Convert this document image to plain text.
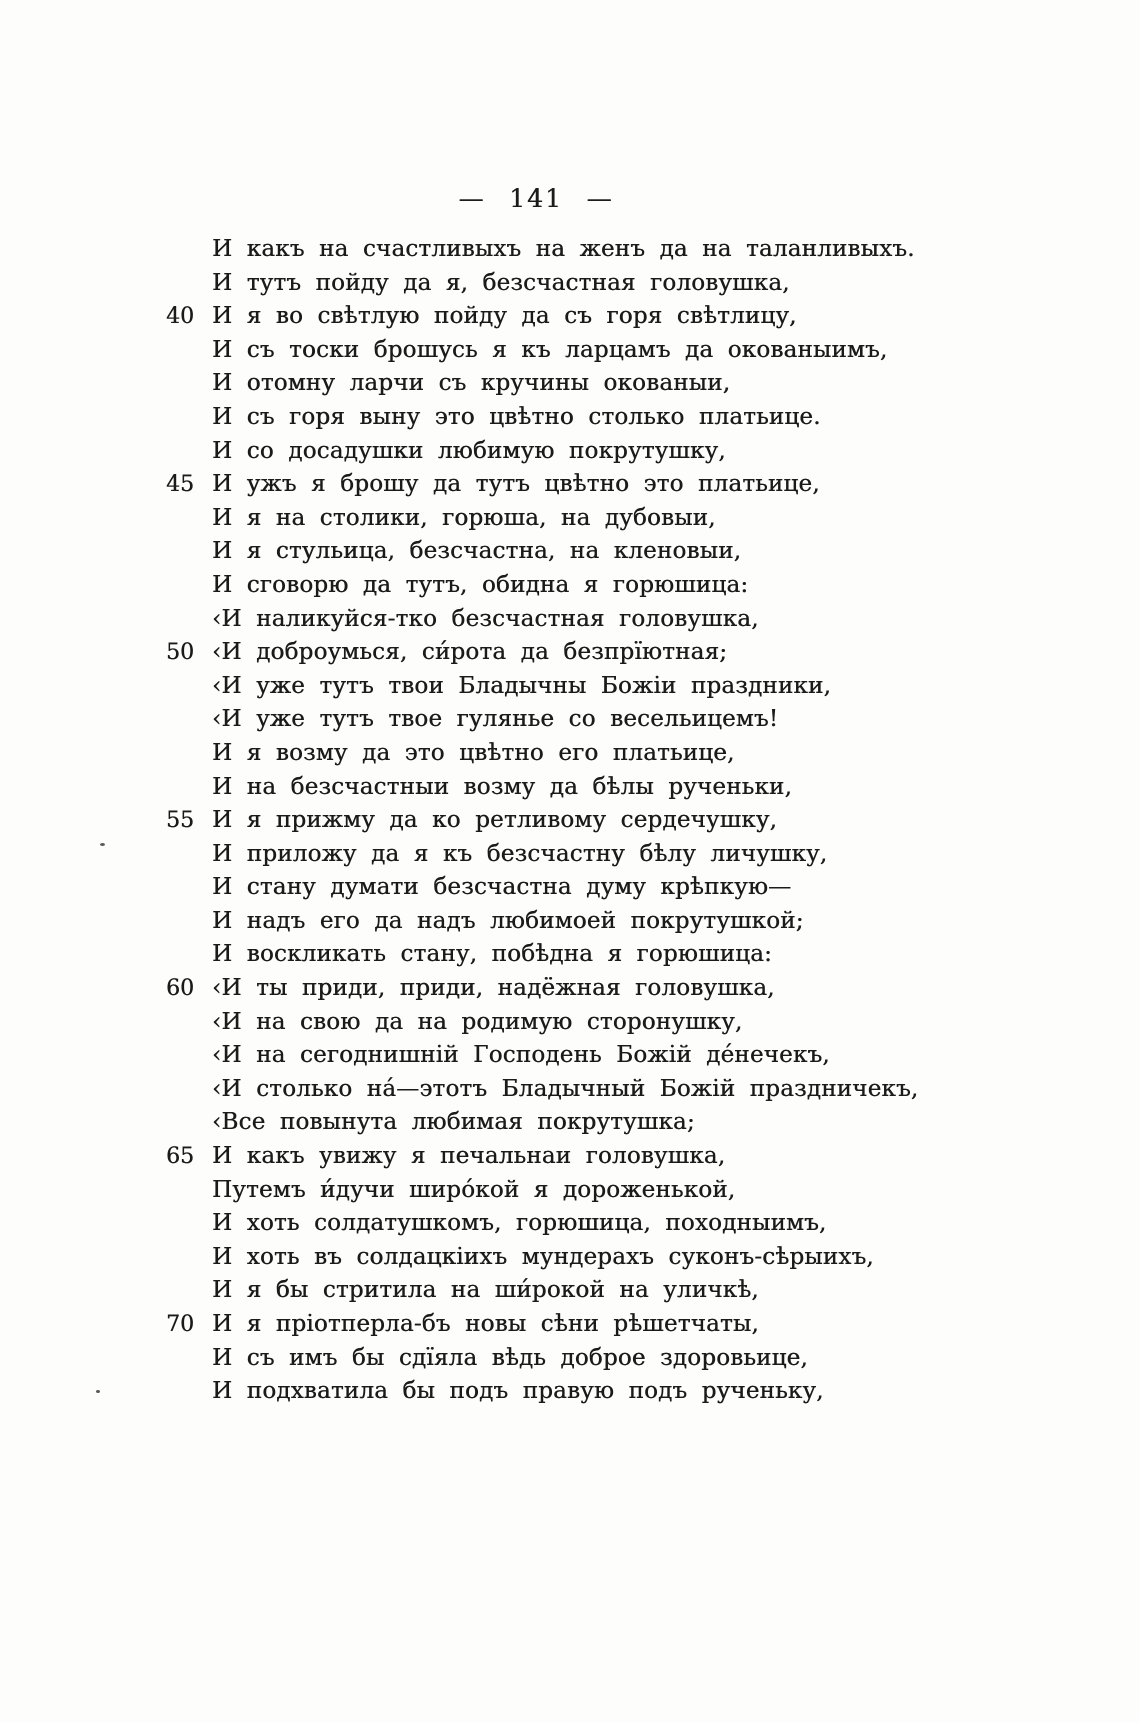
— 141 —
И какъ на счастливыхъ на женъ да на таланливыхъ.
И тутъ пойду да я, безсчастная головушка,
40 И я во свѣтлую пойду да съ горя свѣтлицу,
И съ тоски брошусь я къ ларцамъ да окованыимъ,
И отомну ларчи съ кручины окованыи,
И съ горя выну это цвѣтно столько платьице.
И со досадушки любимую покрутушку,
45 И ужъ я брошу да тутъ цвѣтно это платьице,
И я на столики, горюша, на дубовыи,
И я стульица, безсчастна, на кленовыи,
И сговорю да тутъ, обидна я горюшица:
‹И наликуйся-тко безсчастная головушка,
50 ‹И доброумься, си́рота да безпрїютная;
‹И уже тутъ твои Бладычны Божіи праздники,
‹И уже тутъ твое гулянье со весельицемъ!
И я возму да это цвѣтно его платьице,
И на безсчастныи возму да бѣлы рученьки,
55 И я прижму да ко ретливому сердечушку,
И приложу да я къ безсчастну бѣлу личушку,
И стану думати безсчастна думу крѣпкую—
И надъ его да надъ любимоей покрутушкой;
И воскликать стану, побѣдна я горюшица:
60 ‹И ты приди, приди, надёжная головушка,
‹И на свою да на родимую сторонушку,
‹И на сегоднишній Господень Божій де́нечекъ,
‹И столько на́—этотъ Бладычный Божій праздничекъ,
‹Все повынута любимая покрутушка;
65 И какъ увижу я печальнаи головушка,
Путемъ и́дучи широ́кой я дороженькой,
И хоть солдатушкомъ, горюшица, походныимъ,
И хоть въ солдацкіихъ мундерахъ суконъ-сѣрыихъ,
И я бы стритила на ши́рокой на уличкѣ,
70 И я пріотперла-бъ новы сѣни рѣшетчаты,
И съ имъ бы сдїяла вѣдь доброе здоровьице,
И подхватила бы подъ правую подъ рученьку,
